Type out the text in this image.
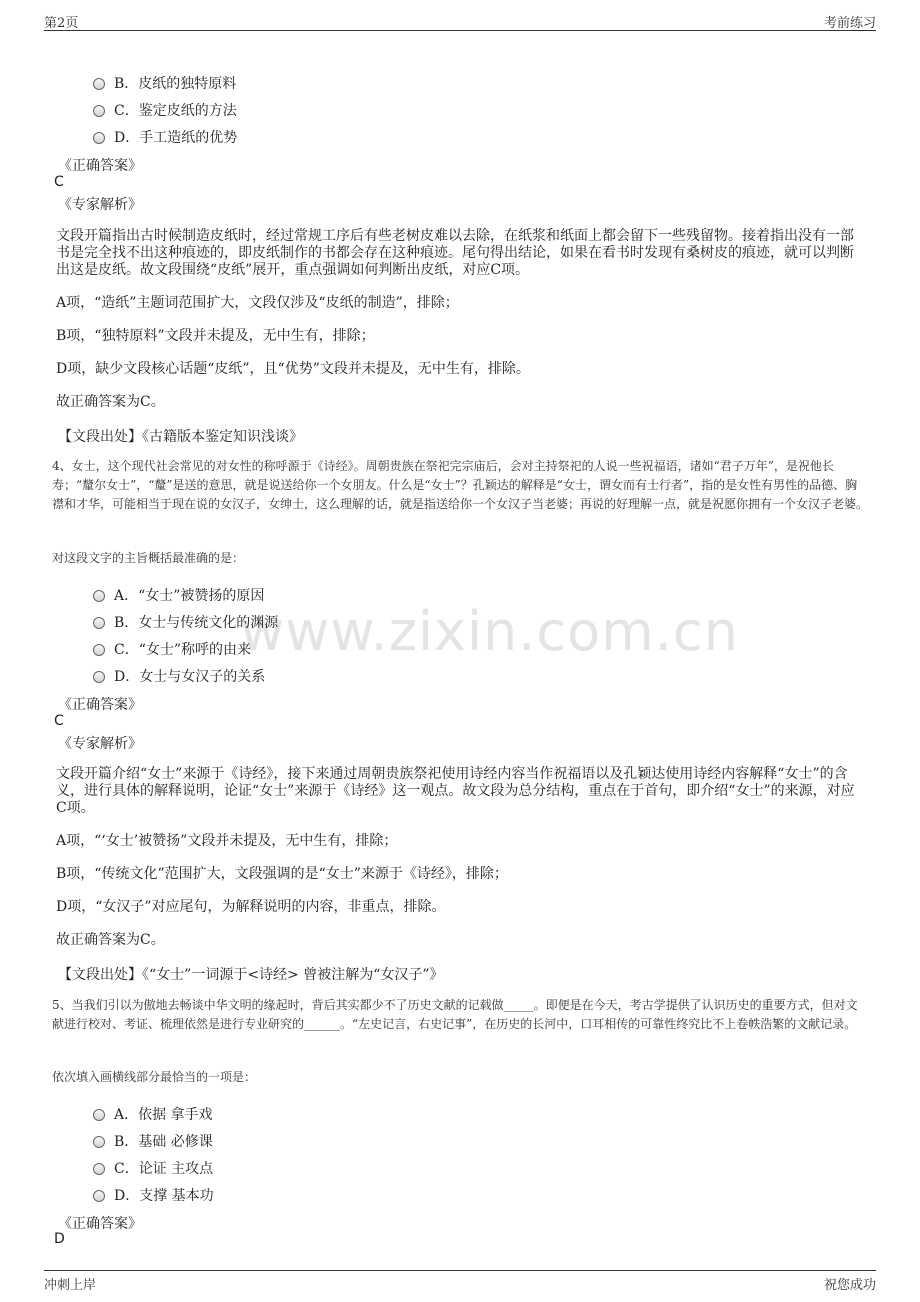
第2页	考前练习
www.zixin.com.cn
B．皮纸的独特原料
C．鉴定皮纸的方法
D．手工造纸的优势
《正确答案》
C
《专家解析》
文段开篇指出古时候制造皮纸时，经过常规工序后有些老树皮难以去除，在纸浆和纸面上都会留下一些残留物。接着指出没有一部书是完全找不出这种痕迹的，即皮纸制作的书都会存在这种痕迹。尾句得出结论，如果在看书时发现有桑树皮的痕迹，就可以判断出这是皮纸。故文段围绕“皮纸”展开，重点强调如何判断出皮纸，对应C项。
A项，“造纸”主题词范围扩大，文段仅涉及“皮纸的制造”，排除；
B项，“独特原料”文段并未提及，无中生有，排除；
D项，缺少文段核心话题“皮纸”，且“优势”文段并未提及，无中生有，排除。
故正确答案为C。
【文段出处】《古籍版本鉴定知识浅谈》
4、女士，这个现代社会常见的对女性的称呼源于《诗经》。周朝贵族在祭祀完宗庙后，会对主持祭祀的人说一些祝福语，诸如“君子万年”，是祝他长寿；“釐尔女士”，“釐”是送的意思，就是说送给你一个女朋友。什么是“女士”？孔颖达的解释是“女士，谓女而有士行者”，指的是女性有男性的品德、胸襟和才华，可能相当于现在说的女汉子，女绅士，这么理解的话，就是指送给你一个女汉子当老婆；再说的好理解一点，就是祝愿你拥有一个女汉子老婆。
对这段文字的主旨概括最准确的是：
A．“女士”被赞扬的原因
B．女士与传统文化的渊源
C．“女士”称呼的由来
D．女士与女汉子的关系
《正确答案》
C
《专家解析》
文段开篇介绍“女士”来源于《诗经》，接下来通过周朝贵族祭祀使用诗经内容当作祝福语以及孔颖达使用诗经内容解释“女士”的含义，进行具体的解释说明，论证“女士”来源于《诗经》这一观点。故文段为总分结构，重点在于首句，即介绍“女士”的来源，对应C项。
A项，“‘女士’被赞扬”文段并未提及，无中生有，排除；
B项，“传统文化”范围扩大，文段强调的是“女士”来源于《诗经》，排除；
D项，“女汉子”对应尾句，为解释说明的内容，非重点，排除。
故正确答案为C。
【文段出处】《“女士”一词源于<诗经> 曾被注解为“女汉子”》
5、当我们引以为傲地去畅谈中华文明的缘起时，背后其实都少不了历史文献的记载做_____。即便是在今天，考古学提供了认识历史的重要方式，但对文献进行校对、考证、梳理依然是进行专业研究的______。“左史记言，右史记事”，在历史的长河中，口耳相传的可靠性终究比不上卷帙浩繁的文献记录。
依次填入画横线部分最恰当的一项是：
A．依据 拿手戏
B．基础 必修课
C．论证 主攻点
D．支撑 基本功
《正确答案》
D
冲刺上岸	祝您成功
